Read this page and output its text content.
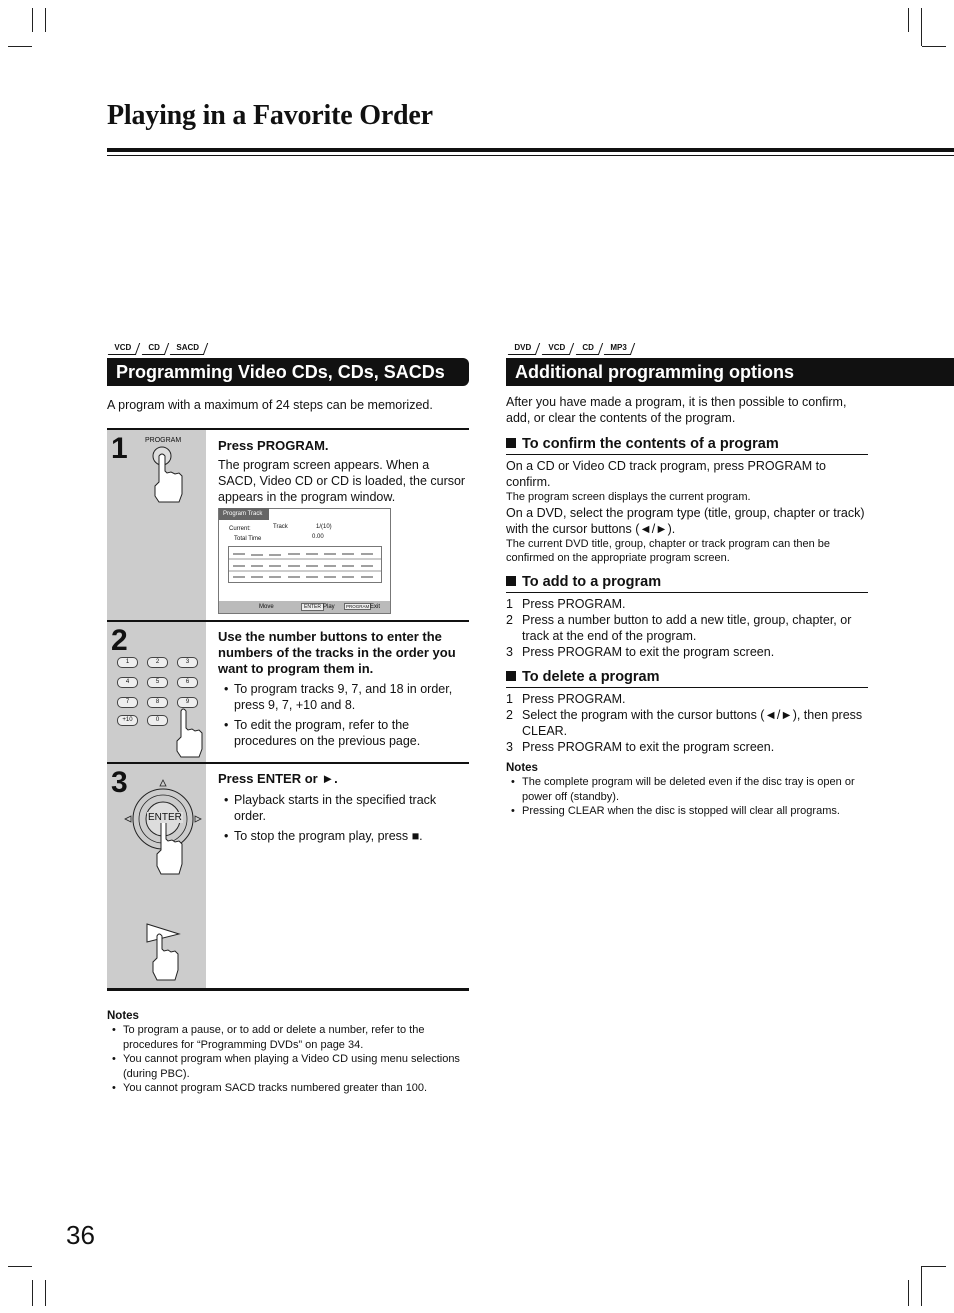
Playing in a Favorite Order
VCD	CD	SACD
Programming Video CDs, CDs, SACDs
A program with a maximum of 24 steps can be memorized.
1 PROGRAM	Press PROGRAM.
The program screen appears. When a SACD, Video CD or CD is loaded, the cursor appears in the program window.
Program Track
Current:	Track	1/(10)
Total Time	0.00
Move	ENTER Play	PROGRAM Exit
2
1	2	3
4	5	6
7	8	9
+10	0
Use the number buttons to enter the numbers of the tracks in the order you want to program them in.
• To program tracks 9, 7, and 18 in order, press 9, 7, +10 and 8.
• To edit the program, refer to the procedures on the previous page.
3
ENTER
Press ENTER or ►.
• Playback starts in the specified track order.
• To stop the program play, press ■.
Notes
• To program a pause, or to add or delete a number, refer to the procedures for “Programming DVDs” on page 34.
• You cannot program when playing a Video CD using menu selections (during PBC).
• You cannot program SACD tracks numbered greater than 100.
DVD	VCD	CD	MP3
Additional programming options
After you have made a program, it is then possible to confirm, add, or clear the contents of the program.
To confirm the contents of a program
On a CD or Video CD track program, press PROGRAM to confirm.
The program screen displays the current program.
On a DVD, select the program type (title, group, chapter or track) with the cursor buttons (◄/►).
The current DVD title, group, chapter or track program can then be confirmed on the appropriate program screen.
To add to a program
1 Press PROGRAM.
2 Press a number button to add a new title, group, chapter, or track at the end of the program.
3 Press PROGRAM to exit the program screen.
To delete a program
1 Press PROGRAM.
2 Select the program with the cursor buttons (◄/►), then press CLEAR.
3 Press PROGRAM to exit the program screen.
Notes
• The complete program will be deleted even if the disc tray is open or power off (standby).
• Pressing CLEAR when the disc is stopped will clear all programs.
36
